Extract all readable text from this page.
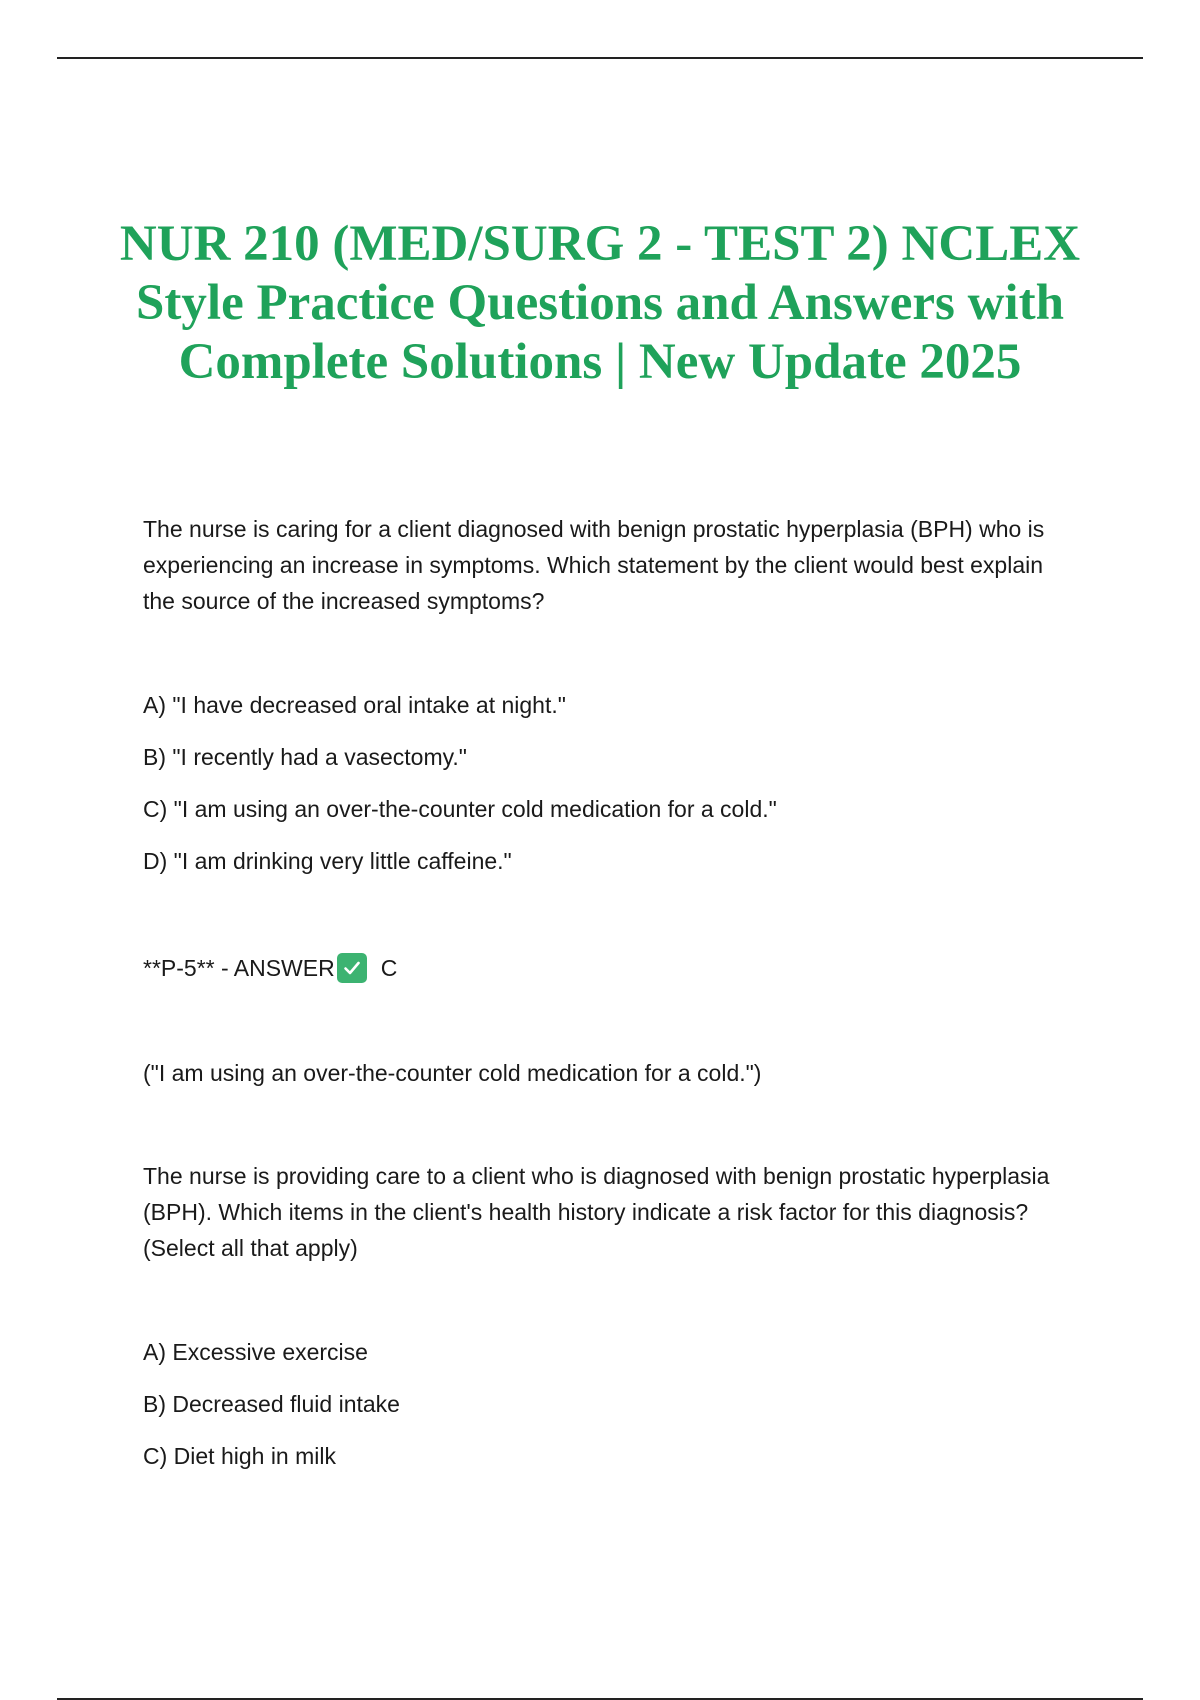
NUR 210 (MED/SURG 2 - TEST 2) NCLEX Style Practice Questions and Answers with Complete Solutions | New Update 2025
The nurse is caring for a client diagnosed with benign prostatic hyperplasia (BPH) who is experiencing an increase in symptoms. Which statement by the client would best explain the source of the increased symptoms?
A) "I have decreased oral intake at night."
B) "I recently had a vasectomy."
C) "I am using an over-the-counter cold medication for a cold."
D) "I am drinking very little caffeine."
**P-5** - ANSWER C
("I am using an over-the-counter cold medication for a cold.")
The nurse is providing care to a client who is diagnosed with benign prostatic hyperplasia (BPH). Which items in the client's health history indicate a risk factor for this diagnosis? (Select all that apply)
A) Excessive exercise
B) Decreased fluid intake
C) Diet high in milk
